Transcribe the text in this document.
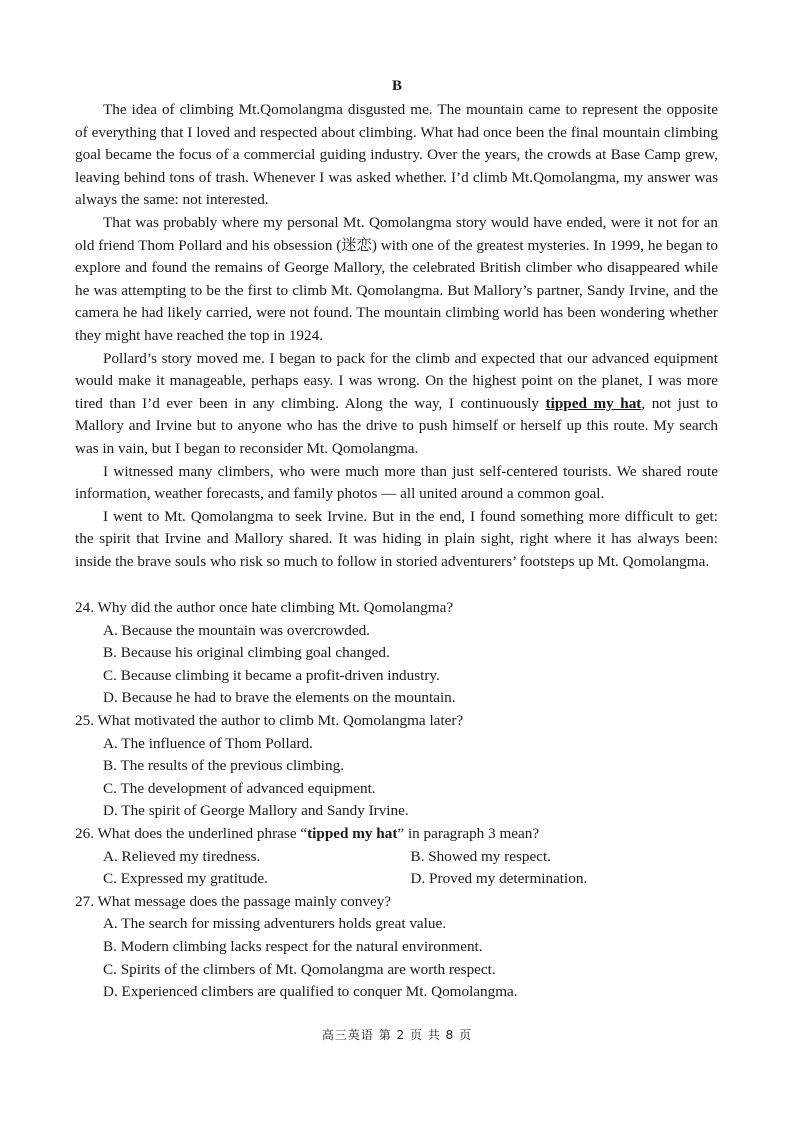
B

The idea of climbing Mt.Qomolangma disgusted me. The mountain came to represent the opposite of everything that I loved and respected about climbing. What had once been the final mountain climbing goal became the focus of a commercial guiding industry. Over the years, the crowds at Base Camp grew, leaving behind tons of trash. Whenever I was asked whether. I’d climb Mt.Qomolangma, my answer was always the same: not interested.

That was probably where my personal Mt. Qomolangma story would have ended, were it not for an old friend Thom Pollard and his obsession (迷恋) with one of the greatest mysteries. In 1999, he began to explore and found the remains of George Mallory, the celebrated British climber who disappeared while he was attempting to be the first to climb Mt. Qomolangma. But Mallory’s partner, Sandy Irvine, and the camera he had likely carried, were not found. The mountain climbing world has been wondering whether they might have reached the top in 1924.

Pollard’s story moved me. I began to pack for the climb and expected that our advanced equipment would make it manageable, perhaps easy. I was wrong. On the highest point on the planet, I was more tired than I’d ever been in any climbing. Along the way, I continuously tipped my hat, not just to Mallory and Irvine but to anyone who has the drive to push himself or herself up this route. My search was in vain, but I began to reconsider Mt. Qomolangma.

I witnessed many climbers, who were much more than just self-centered tourists. We shared route information, weather forecasts, and family photos — all united around a common goal.

I went to Mt. Qomolangma to seek Irvine. But in the end, I found something more difficult to get: the spirit that Irvine and Mallory shared. It was hiding in plain sight, right where it has always been: inside the brave souls who risk so much to follow in storied adventurers’ footsteps up Mt. Qomolangma.

24. Why did the author once hate climbing Mt. Qomolangma?

A. Because the mountain was overcrowded.

B. Because his original climbing goal changed.

C. Because climbing it became a profit-driven industry.

D. Because he had to brave the elements on the mountain.

25. What motivated the author to climb Mt. Qomolangma later?

A. The influence of Thom Pollard.

B. The results of the previous climbing.

C. The development of advanced equipment.

D. The spirit of George Mallory and Sandy Irvine.

26. What does the underlined phrase “tipped my hat” in paragraph 3 mean?

A. Relieved my tiredness.	B. Showed my respect.
C. Expressed my gratitude.	D. Proved my determination.

27. What message does the passage mainly convey?

A. The search for missing adventurers holds great value.

B. Modern climbing lacks respect for the natural environment.

C. Spirits of the climbers of Mt. Qomolangma are worth respect.

D. Experienced climbers are qualified to conquer Mt. Qomolangma.

高三英语 第 2 页 共 8 页
